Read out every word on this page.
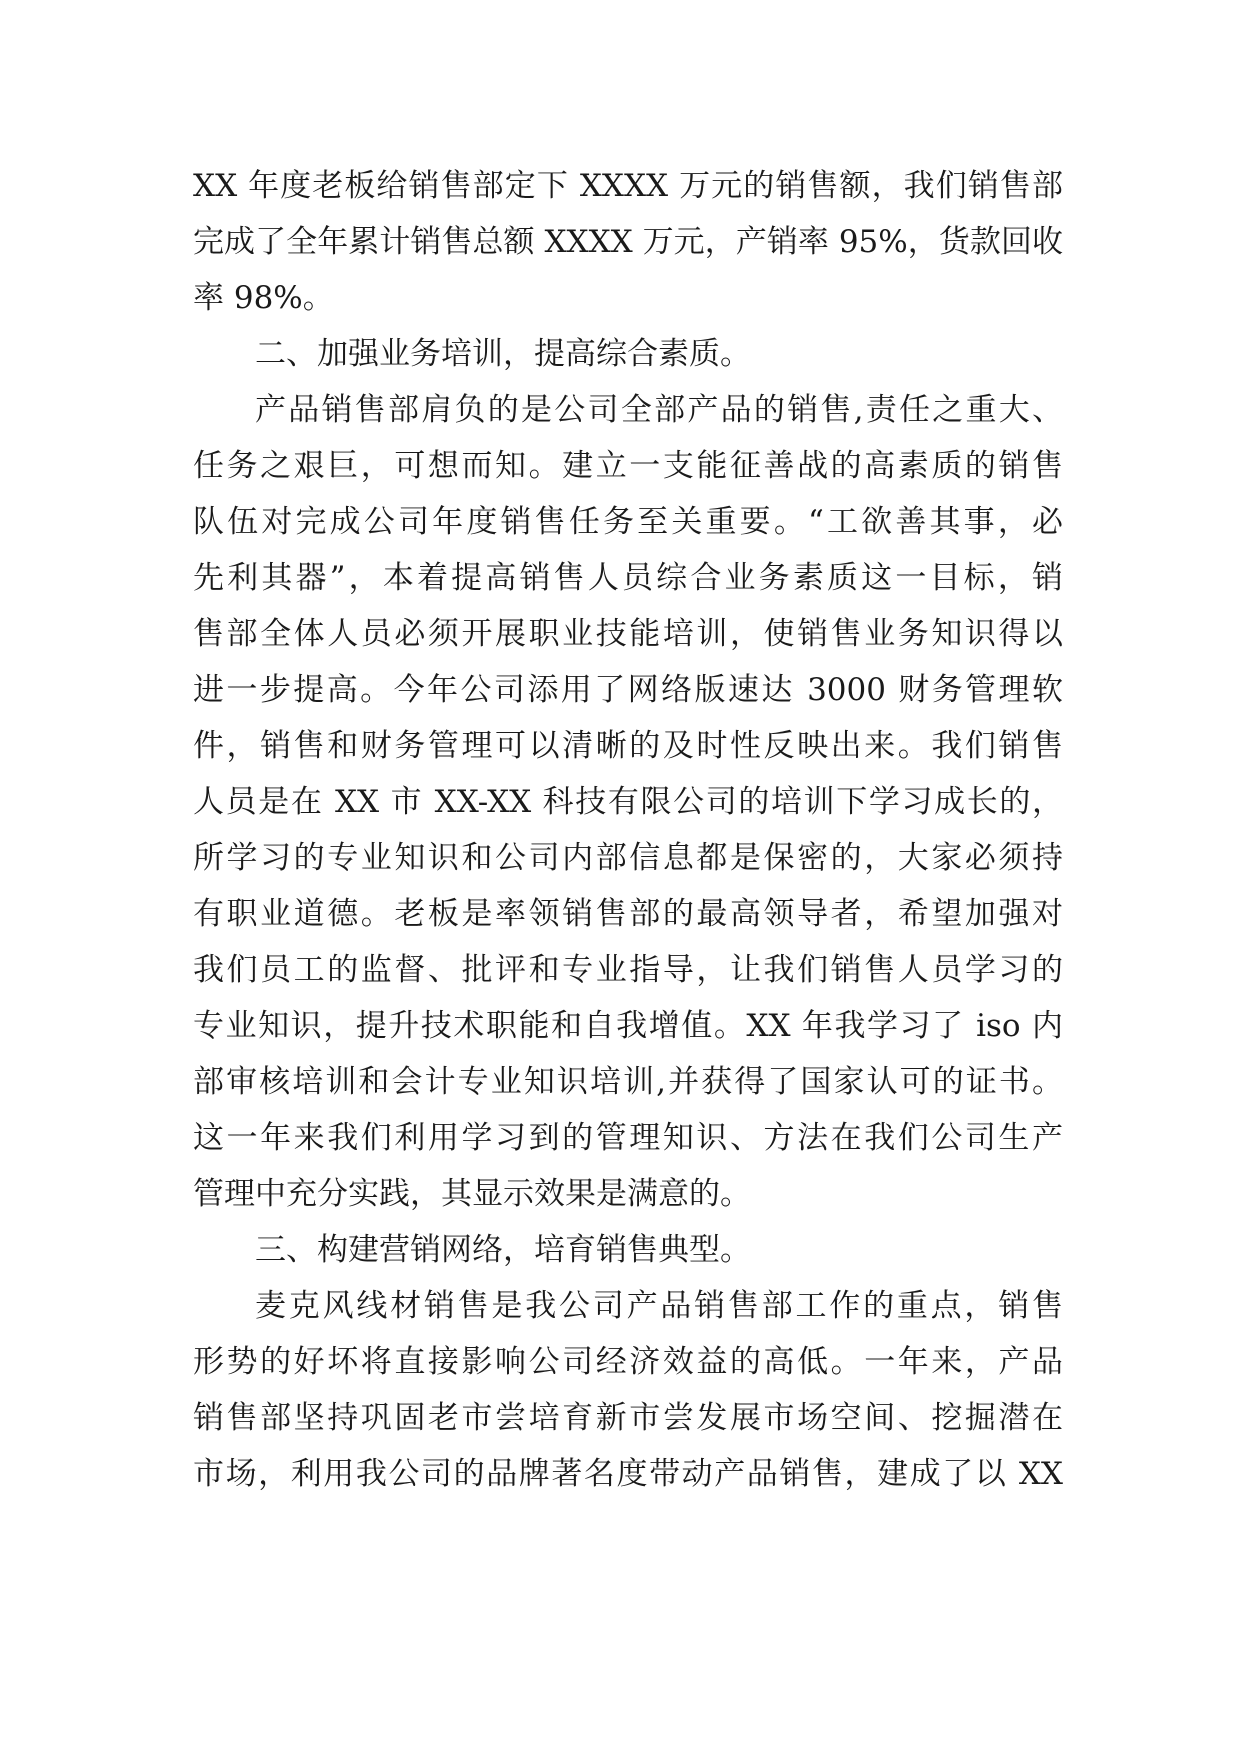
XX 年度老板给销售部定下 XXXX 万元的销售额，我们销售部
完成了全年累计销售总额 XXXX 万元，产销率 95%，货款回收
率 98%。
二、加强业务培训，提高综合素质。
产品销售部肩负的是公司全部产品的销售,责任之重大、
任务之艰巨，可想而知。建立一支能征善战的高素质的销售
队伍对完成公司年度销售任务至关重要。“工欲善其事，必
先利其器”，本着提高销售人员综合业务素质这一目标，销
售部全体人员必须开展职业技能培训，使销售业务知识得以
进一步提高。今年公司添用了网络版速达 3000 财务管理软
件，销售和财务管理可以清晰的及时性反映出来。我们销售
人员是在 XX 市 XX-XX 科技有限公司的培训下学习成长的，
所学习的专业知识和公司内部信息都是保密的，大家必须持
有职业道德。老板是率领销售部的最高领导者，希望加强对
我们员工的监督、批评和专业指导，让我们销售人员学习的
专业知识，提升技术职能和自我增值。XX 年我学习了 iso 内
部审核培训和会计专业知识培训,并获得了国家认可的证书。
这一年来我们利用学习到的管理知识、方法在我们公司生产
管理中充分实践，其显示效果是满意的。
三、构建营销网络，培育销售典型。
麦克风线材销售是我公司产品销售部工作的重点，销售
形势的好坏将直接影响公司经济效益的高低。一年来，产品
销售部坚持巩固老市尝培育新市尝发展市场空间、挖掘潜在
市场，利用我公司的品牌著名度带动产品销售，建成了以 XX
